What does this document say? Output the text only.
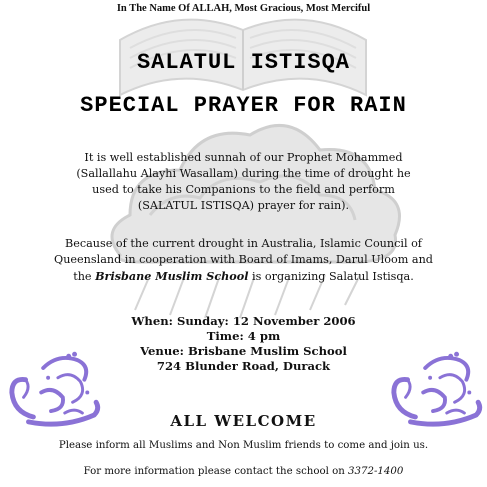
In The Name Of ALLAH, Most Gracious, Most Merciful
SALATUL ISTISQA
SPECIAL PRAYER FOR RAIN
It is well established sunnah of our Prophet Mohammed
(Sallallahu Alayhi Wasallam) during the time of drought he
used to take his Companions to the field and perform
(SALATUL ISTISQA) prayer for rain).
Because of the current drought in Australia, Islamic Council of
Queensland in cooperation with Board of Imams, Darul Uloom and
the Brisbane Muslim School is organizing Salatul Istisqa.
When: Sunday: 12 November 2006
Time: 4 pm
Venue: Brisbane Muslim School
724 Blunder Road, Durack
ALL WELCOME
Please inform all Muslims and Non Muslim friends to come and join us.
For more information please contact the school on 3372-1400
